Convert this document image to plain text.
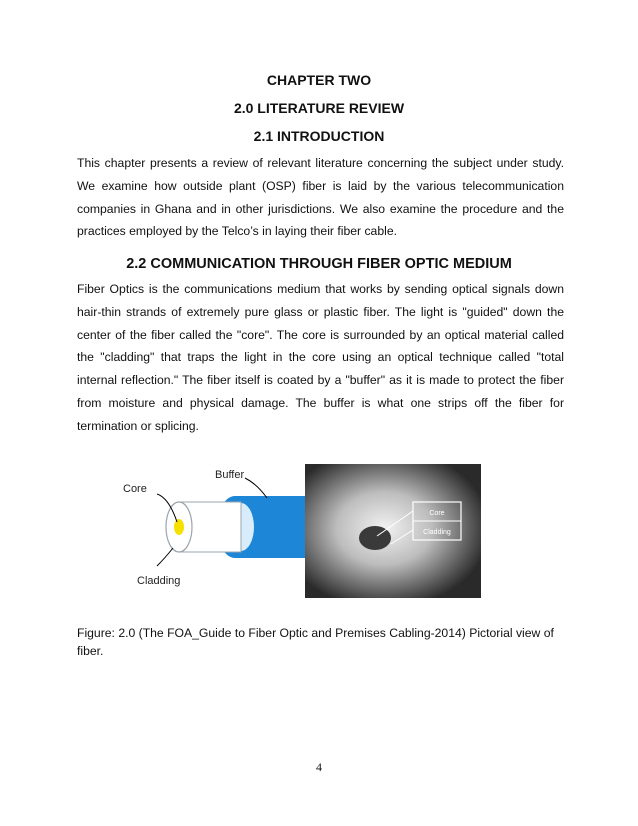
CHAPTER TWO
2.0 LITERATURE REVIEW
2.1 INTRODUCTION

This chapter presents a review of relevant literature concerning the subject under study. We examine how outside plant (OSP) fiber is laid by the various telecommunication companies in Ghana and in other jurisdictions. We also examine the procedure and the practices employed by the Telco’s in laying their fiber cable.

2.2 COMMUNICATION THROUGH FIBER OPTIC MEDIUM

Fiber Optics is the communications medium that works by sending optical signals down hair-thin strands of extremely pure glass or plastic fiber. The light is "guided" down the center of the fiber called the "core". The core is surrounded by an optical material called the "cladding" that traps the light in the core using an optical technique called "total internal reflection." The fiber itself is coated by a "buffer" as it is made to protect the fiber from moisture and physical damage. The buffer is what one strips off the fiber for termination or splicing.

Buffer
Core
Cladding
Core
Cladding

Figure: 2.0 (The FOA_Guide to Fiber Optic and Premises Cabling-2014) Pictorial view of fiber.

4
